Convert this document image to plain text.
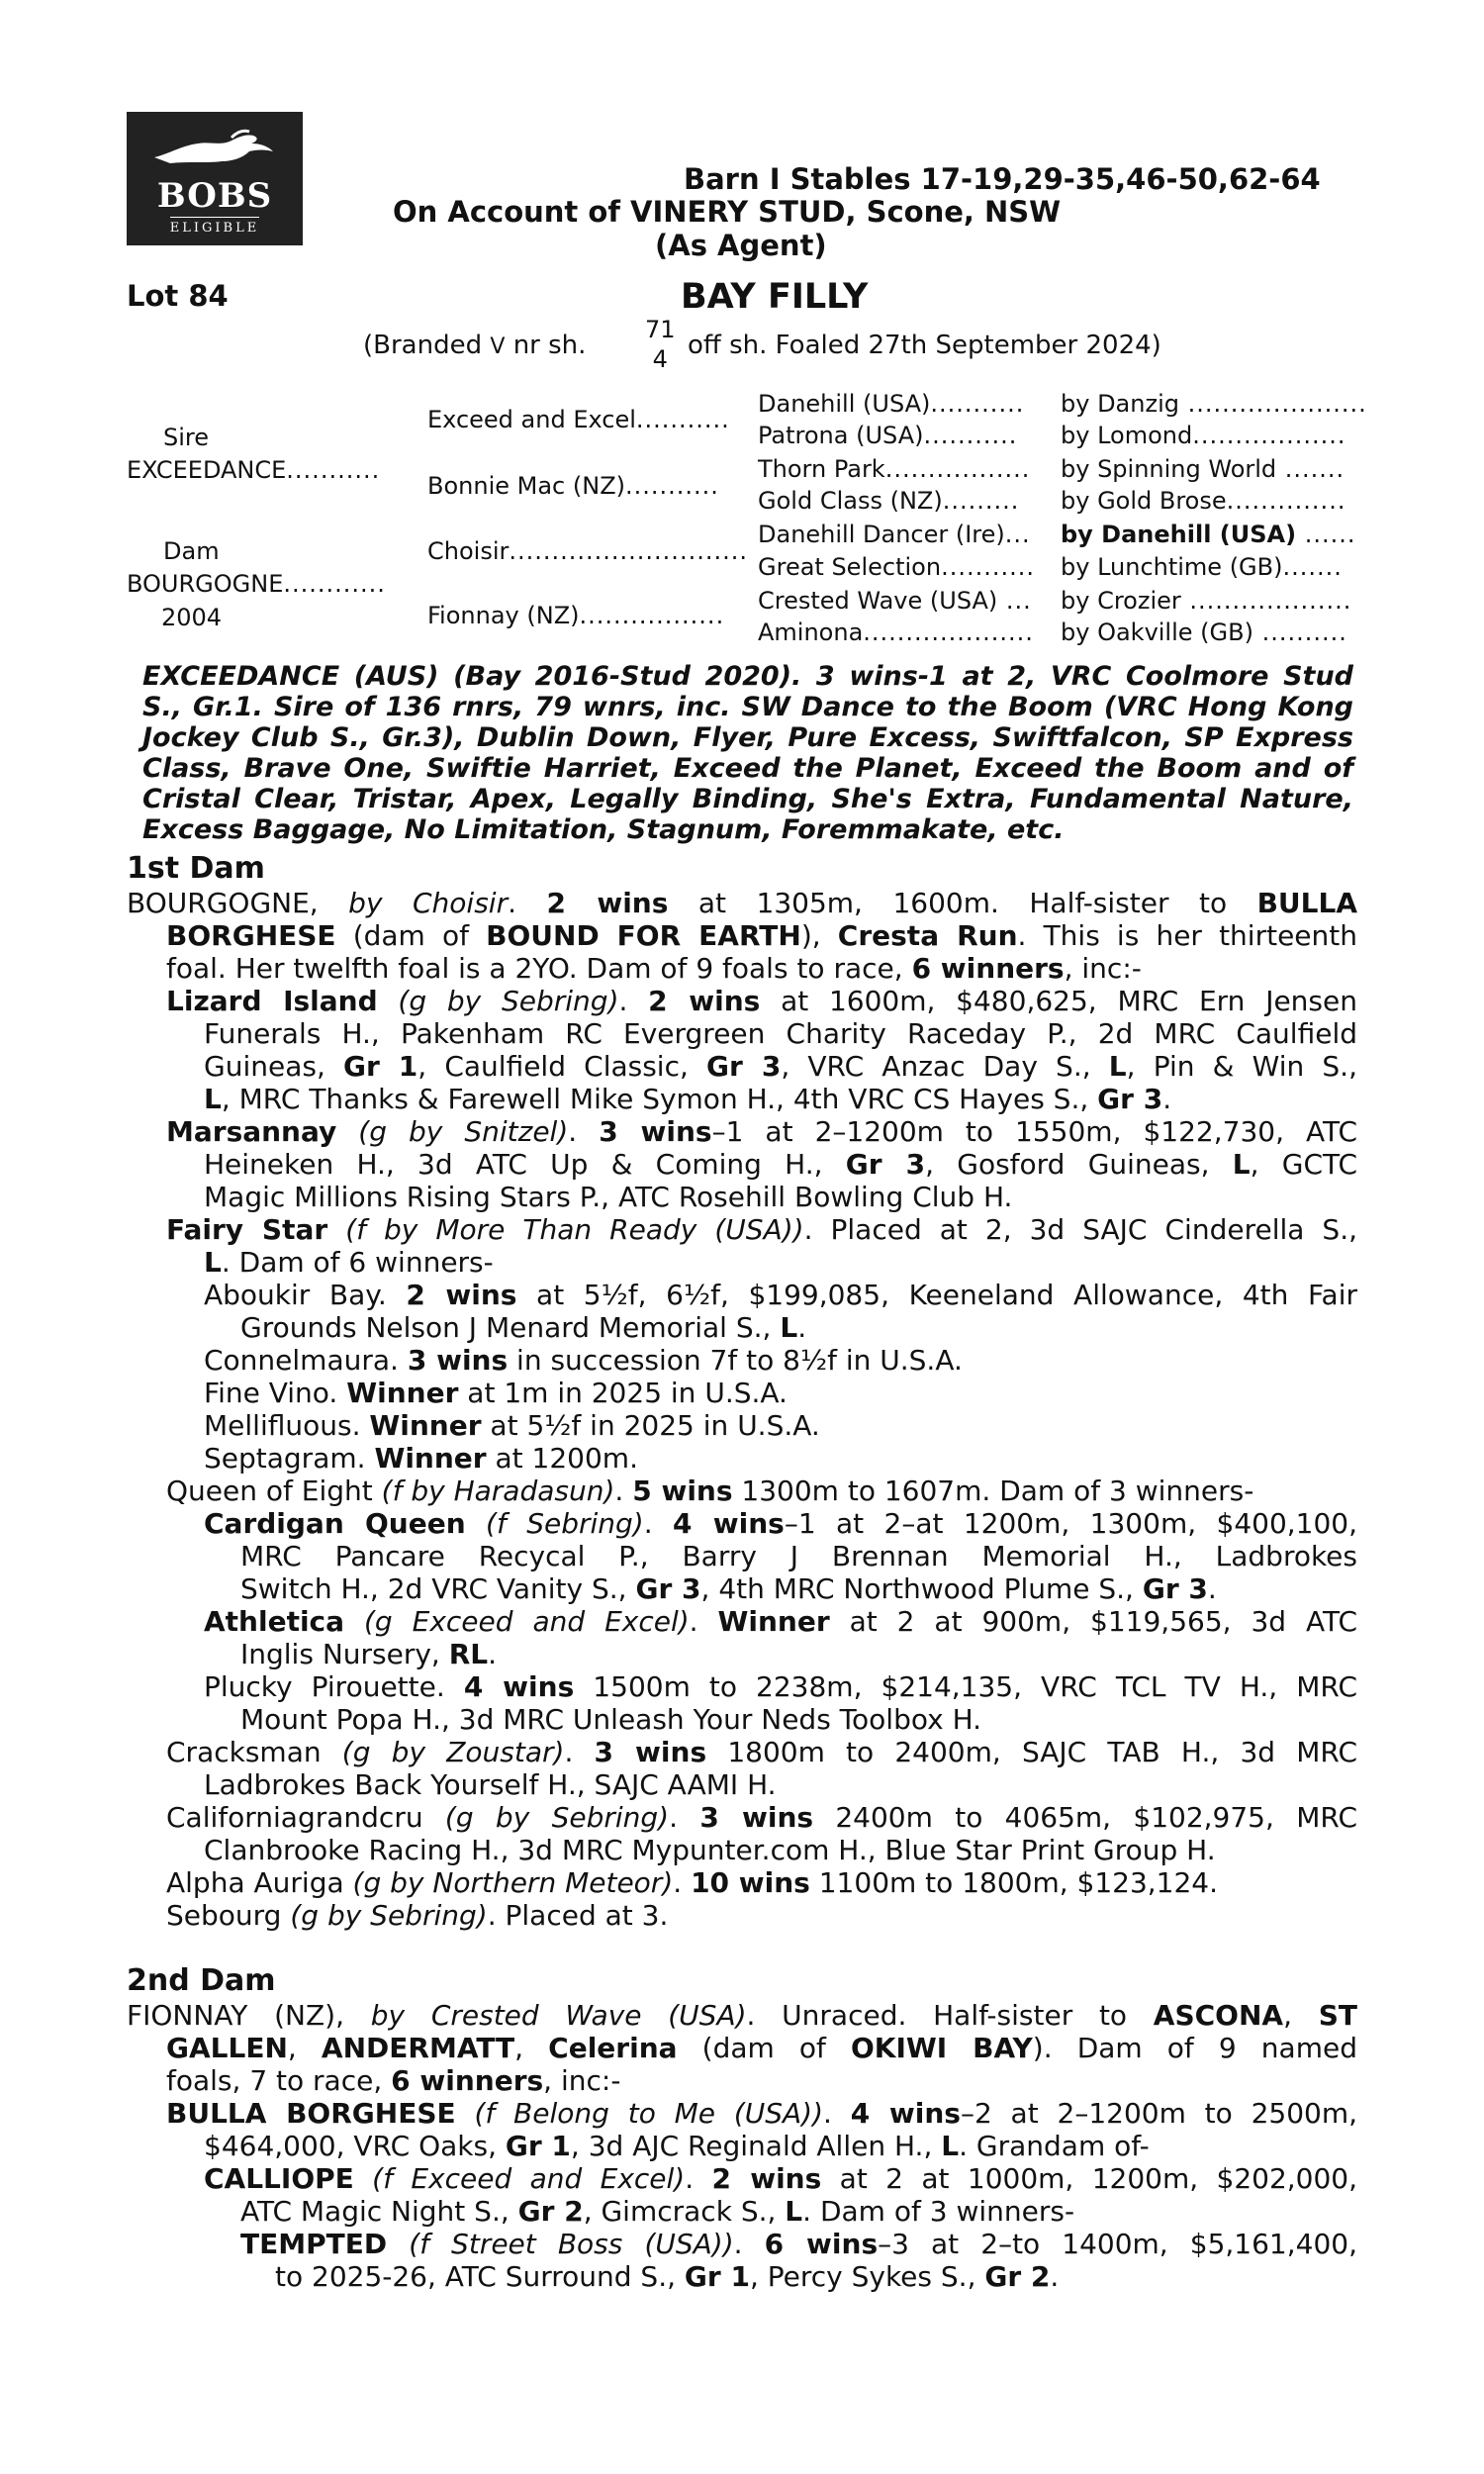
BOBS
ELIGIBLE
Barn I Stables 17-19,29-35,46-50,62-64
On Account of VINERY STUD, Scone, NSW
(As Agent)
Lot 84	BAY FILLY
(Branded V nr sh.
71
4 off sh. Foaled 27th September 2024)
Sire
EXCEEDANCE...........
Dam
BOURGOGNE............
2004
Exceed and Excel...........
Bonnie Mac (NZ)...........
Choisir............................
Fionnay (NZ).................
Danehill (USA)...........
Patrona (USA)...........
Thorn Park.................
Gold Class (NZ).........
Danehill Dancer (Ire)...
Great Selection...........
Crested Wave (USA) ...
Aminona....................
by Danzig .....................
by Lomond..................
by Spinning World .......
by Gold Brose..............
by Danehill (USA) ......
by Lunchtime (GB).......
by Crozier ...................
by Oakville (GB) ..........
EXCEEDANCE (AUS) (Bay 2016-Stud 2020). 3 wins-1 at 2, VRC Coolmore Stud
S., Gr.1. Sire of 136 rnrs, 79 wnrs, inc. SW Dance to the Boom (VRC Hong Kong
Jockey Club S., Gr.3), Dublin Down, Flyer, Pure Excess, Swiftfalcon, SP Express
Class, Brave One, Swiftie Harriet, Exceed the Planet, Exceed the Boom and of
Cristal Clear, Tristar, Apex, Legally Binding, She's Extra, Fundamental Nature,
Excess Baggage, No Limitation, Stagnum, Foremmakate, etc.
1st Dam
BOURGOGNE, by Choisir. 2 wins at 1305m, 1600m. Half-sister to BULLA
BORGHESE (dam of BOUND FOR EARTH), Cresta Run. This is her thirteenth
foal. Her twelfth foal is a 2YO. Dam of 9 foals to race, 6 winners, inc:-
Lizard Island (g by Sebring). 2 wins at 1600m, $480,625, MRC Ern Jensen
Funerals H., Pakenham RC Evergreen Charity Raceday P., 2d MRC Caulfield
Guineas, Gr 1, Caulfield Classic, Gr 3, VRC Anzac Day S., L, Pin & Win S.,
L, MRC Thanks & Farewell Mike Symon H., 4th VRC CS Hayes S., Gr 3.
Marsannay (g by Snitzel). 3 wins–1 at 2–1200m to 1550m, $122,730, ATC
Heineken H., 3d ATC Up & Coming H., Gr 3, Gosford Guineas, L, GCTC
Magic Millions Rising Stars P., ATC Rosehill Bowling Club H.
Fairy Star (f by More Than Ready (USA)). Placed at 2, 3d SAJC Cinderella S.,
L. Dam of 6 winners-
Aboukir Bay. 2 wins at 5½f, 6½f, $199,085, Keeneland Allowance, 4th Fair
Grounds Nelson J Menard Memorial S., L.
Connelmaura. 3 wins in succession 7f to 8½f in U.S.A.
Fine Vino. Winner at 1m in 2025 in U.S.A.
Mellifluous. Winner at 5½f in 2025 in U.S.A.
Septagram. Winner at 1200m.
Queen of Eight (f by Haradasun). 5 wins 1300m to 1607m. Dam of 3 winners-
Cardigan Queen (f Sebring). 4 wins–1 at 2–at 1200m, 1300m, $400,100,
MRC Pancare Recycal P., Barry J Brennan Memorial H., Ladbrokes
Switch H., 2d VRC Vanity S., Gr 3, 4th MRC Northwood Plume S., Gr 3.
Athletica (g Exceed and Excel). Winner at 2 at 900m, $119,565, 3d ATC
Inglis Nursery, RL.
Plucky Pirouette. 4 wins 1500m to 2238m, $214,135, VRC TCL TV H., MRC
Mount Popa H., 3d MRC Unleash Your Neds Toolbox H.
Cracksman (g by Zoustar). 3 wins 1800m to 2400m, SAJC TAB H., 3d MRC
Ladbrokes Back Yourself H., SAJC AAMI H.
Californiagrandcru (g by Sebring). 3 wins 2400m to 4065m, $102,975, MRC
Clanbrooke Racing H., 3d MRC Mypunter.com H., Blue Star Print Group H.
Alpha Auriga (g by Northern Meteor). 10 wins 1100m to 1800m, $123,124.
Sebourg (g by Sebring). Placed at 3.
2nd Dam
FIONNAY (NZ), by Crested Wave (USA). Unraced. Half-sister to ASCONA, ST
GALLEN, ANDERMATT, Celerina (dam of OKIWI BAY). Dam of 9 named
foals, 7 to race, 6 winners, inc:-
BULLA BORGHESE (f Belong to Me (USA)). 4 wins–2 at 2–1200m to 2500m,
$464,000, VRC Oaks, Gr 1, 3d AJC Reginald Allen H., L. Grandam of-
CALLIOPE (f Exceed and Excel). 2 wins at 2 at 1000m, 1200m, $202,000,
ATC Magic Night S., Gr 2, Gimcrack S., L. Dam of 3 winners-
TEMPTED (f Street Boss (USA)). 6 wins–3 at 2–to 1400m, $5,161,400,
to 2025-26, ATC Surround S., Gr 1, Percy Sykes S., Gr 2.
